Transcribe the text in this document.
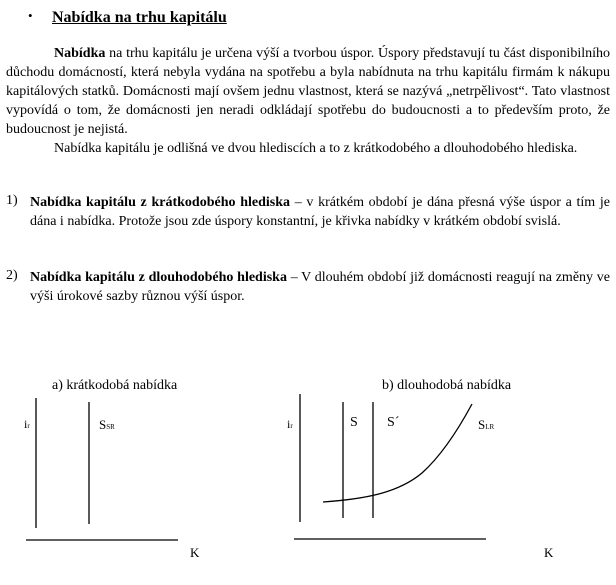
• Nabídka na trhu kapitálu
Nabídka na trhu kapitálu je určena výší a tvorbou úspor. Úspory představují tu část disponibilního důchodu domácností, která nebyla vydána na spotřebu a byla nabídnuta na trhu kapitálu firmám k nákupu kapitálových statků. Domácnosti mají ovšem jednu vlastnost, která se nazývá „netrpělivost“. Tato vlastnost vypovídá o tom, že domácnosti jen neradi odkládají spotřebu do budoucnosti a to především proto, že budoucnost je nejistá.
Nabídka kapitálu je odlišná ve dvou hlediscích a to z krátkodobého a dlouhodobého hlediska.
1) Nabídka kapitálu z krátkodobého hlediska – v krátkém období je dána přesná výše úspor a tím je dána i nabídka. Protože jsou zde úspory konstantní, je křivka nabídky v krátkém období svislá.
2) Nabídka kapitálu z dlouhodobého hlediska – V dlouhém období již domácnosti reagují na změny ve výši úrokové sazby různou výší úspor.
a) krátkodobá nabídka	b) dlouhodobá nabídka
ir	SSR
K
ir	S S´	SLR
K
